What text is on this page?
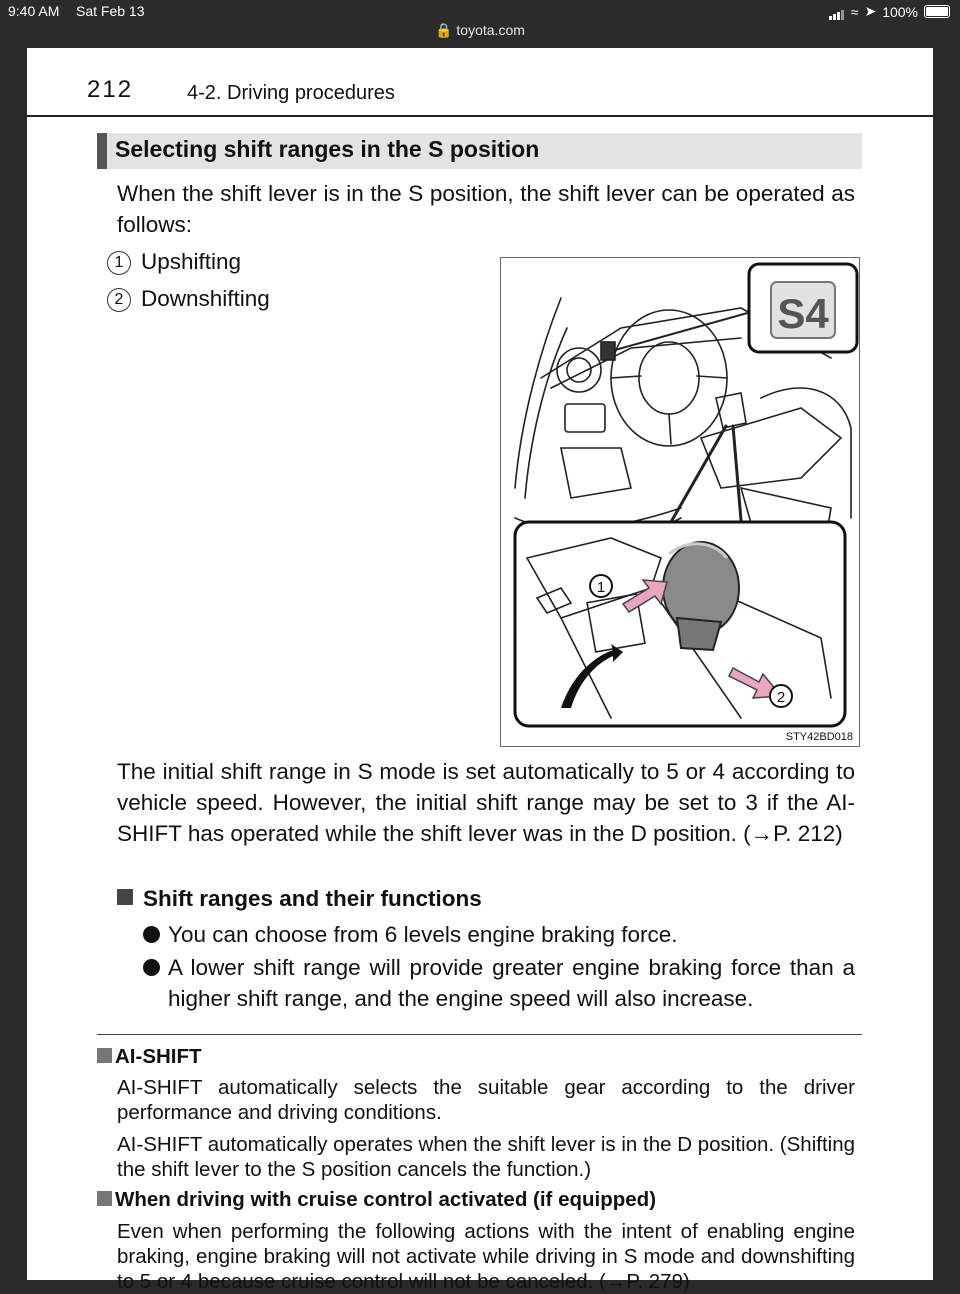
9:40 AM Sat Feb 13
🔒 toyota.com
≈ ➤ 100%
212	4-2. Driving procedures
Selecting shift ranges in the S position
When the shift lever is in the S position, the shift lever can be operated as follows:
1 Upshifting
2 Downshifting	S4
1
2
STY42BD018
The initial shift range in S mode is set automatically to 5 or 4 according to vehicle speed. However, the initial shift range may be set to 3 if the AI-SHIFT has operated while the shift lever was in the D position. (→P. 212)
Shift ranges and their functions
You can choose from 6 levels engine braking force.
A lower shift range will provide greater engine braking force than a higher shift range, and the engine speed will also increase.
AI-SHIFT
AI-SHIFT automatically selects the suitable gear according to the driver performance and driving conditions.
AI-SHIFT automatically operates when the shift lever is in the D position. (Shifting the shift lever to the S position cancels the function.)
When driving with cruise control activated (if equipped)
Even when performing the following actions with the intent of enabling engine braking, engine braking will not activate while driving in S mode and downshifting to 5 or 4 because cruise control will not be canceled. (→P. 279)
